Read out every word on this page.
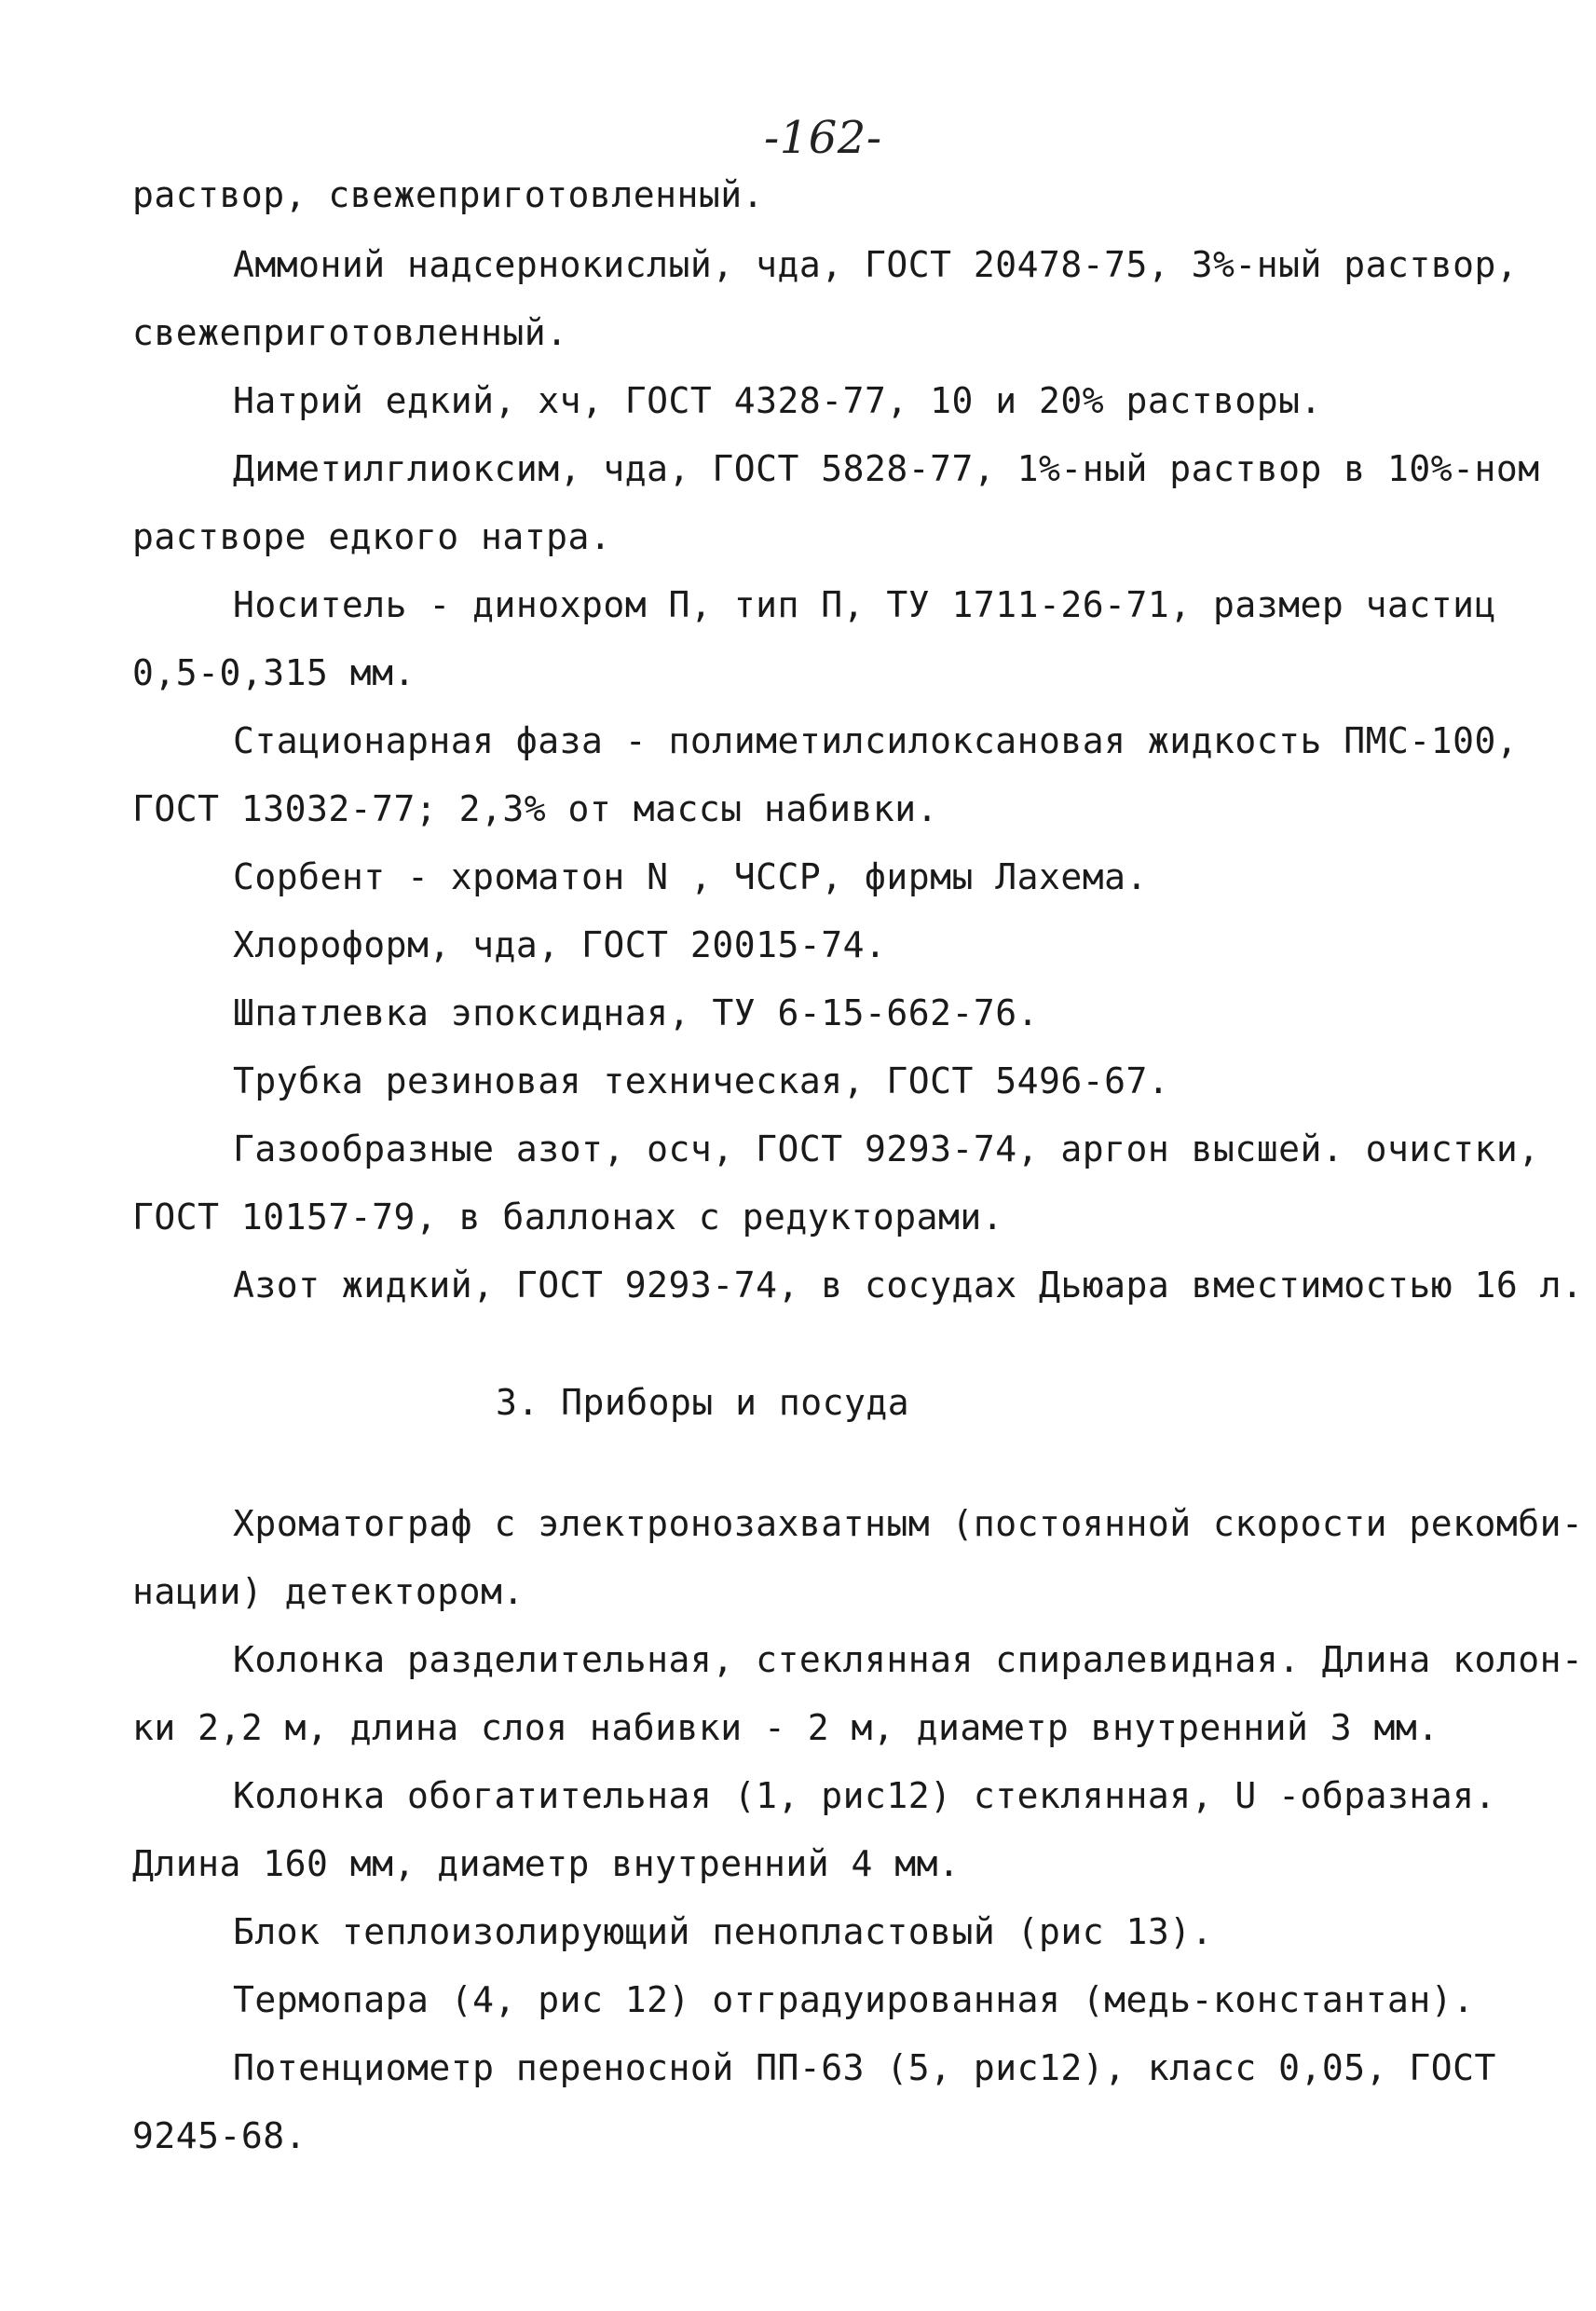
-162-
раствор, свежеприготовленный.
Аммоний надсернокислый, чда, ГОСТ 20478-75, 3%-ный раствор,
свежеприготовленный.
Натрий едкий, хч, ГОСТ 4328-77, 10 и 20% растворы.
Диметилглиоксим, чда, ГОСТ 5828-77, 1%-ный раствор в 10%-ном
растворе едкого натра.
Носитель - динохром П, тип П, ТУ 1711-26-71, размер частиц
0,5-0,315 мм.
Стационарная фаза - полиметилсилоксановая жидкость ПМС-100,
ГОСТ 13032-77; 2,3% от массы набивки.
Сорбент - хроматон N , ЧССР, фирмы Лахема.
Хлороформ, чда, ГОСТ 20015-74.
Шпатлевка эпоксидная, ТУ 6-15-662-76.
Трубка резиновая техническая, ГОСТ 5496-67.
Газообразные азот, осч, ГОСТ 9293-74, аргон высшей. очистки,
ГОСТ 10157-79, в баллонах с редукторами.
Азот жидкий, ГОСТ 9293-74, в сосудах Дьюара вместимостью 16 л.
3. Приборы и посуда
Хроматограф с электронозахватным (постоянной скорости рекомби-
нации) детектором.
Колонка разделительная, стеклянная спиралевидная. Длина колон-
ки 2,2 м, длина слоя набивки - 2 м, диаметр внутренний 3 мм.
Колонка обогатительная (1, рис12) стеклянная, U -образная.
Длина 160 мм, диаметр внутренний 4 мм.
Блок теплоизолирующий пенопластовый (рис 13).
Термопара (4, рис 12) отградуированная (медь-константан).
Потенциометр переносной ПП-63 (5, рис12), класс 0,05, ГОСТ
9245-68.
